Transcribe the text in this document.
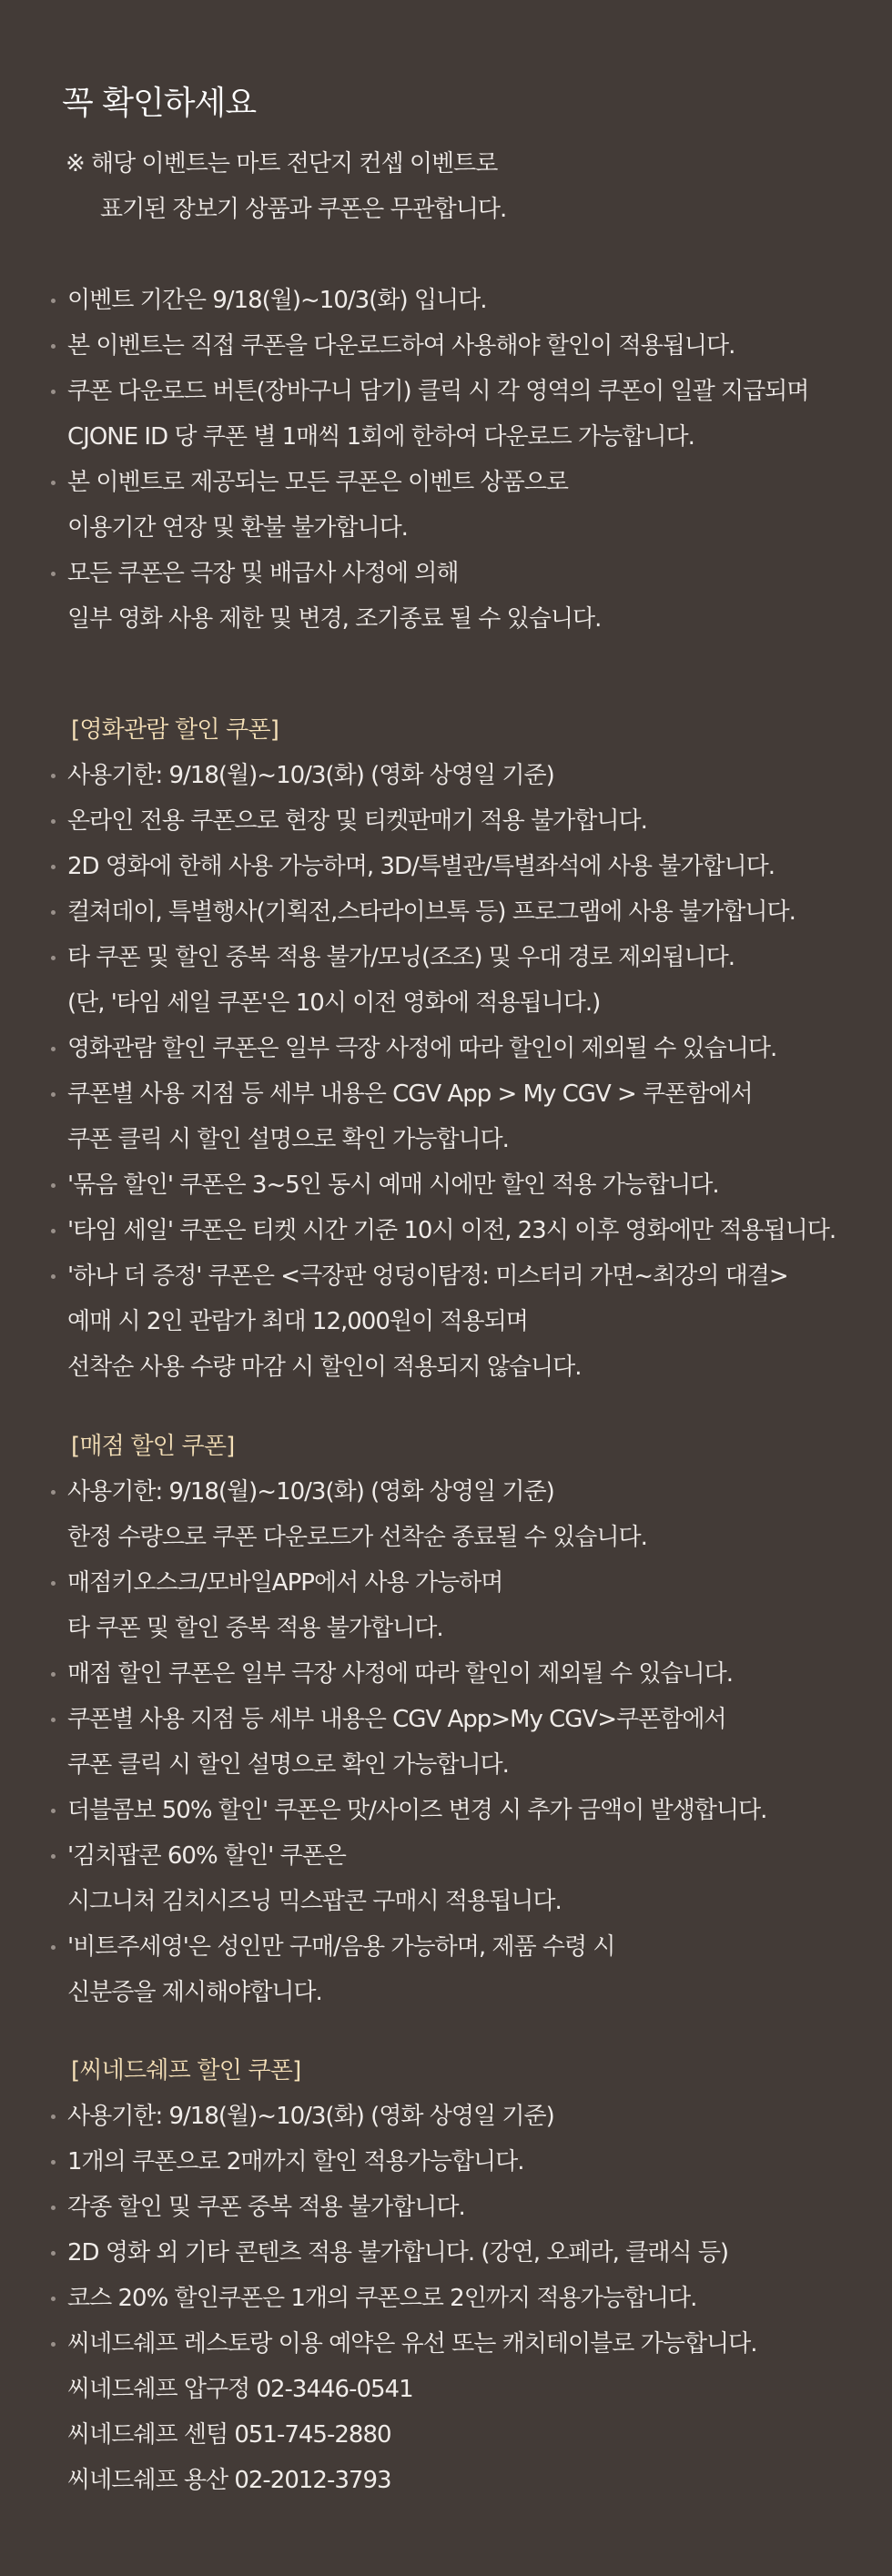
꼭 확인하세요
※ 해당 이벤트는 마트 전단지 컨셉 이벤트로
표기된 장보기 상품과 쿠폰은 무관합니다.
이벤트 기간은 9/18(월)~10/3(화) 입니다.
본 이벤트는 직접 쿠폰을 다운로드하여 사용해야 할인이 적용됩니다.
쿠폰 다운로드 버튼(장바구니 담기) 클릭 시 각 영역의 쿠폰이 일괄 지급되며
CJONE ID 당 쿠폰 별 1매씩 1회에 한하여 다운로드 가능합니다.
본 이벤트로 제공되는 모든 쿠폰은 이벤트 상품으로
이용기간 연장 및 환불 불가합니다.
모든 쿠폰은 극장 및 배급사 사정에 의해
일부 영화 사용 제한 및 변경, 조기종료 될 수 있습니다.
[영화관람 할인 쿠폰]
사용기한: 9/18(월)~10/3(화) (영화 상영일 기준)
온라인 전용 쿠폰으로 현장 및 티켓판매기 적용 불가합니다.
2D 영화에 한해 사용 가능하며, 3D/특별관/특별좌석에 사용 불가합니다.
컬쳐데이, 특별행사(기획전,스타라이브톡 등) 프로그램에 사용 불가합니다.
타 쿠폰 및 할인 중복 적용 불가/모닝(조조) 및 우대 경로 제외됩니다.
(단, '타임 세일 쿠폰'은 10시 이전 영화에 적용됩니다.)
영화관람 할인 쿠폰은 일부 극장 사정에 따라 할인이 제외될 수 있습니다.
쿠폰별 사용 지점 등 세부 내용은 CGV App > My CGV > 쿠폰함에서
쿠폰 클릭 시 할인 설명으로 확인 가능합니다.
'묶음 할인' 쿠폰은 3~5인 동시 예매 시에만 할인 적용 가능합니다.
'타임 세일' 쿠폰은 티켓 시간 기준 10시 이전, 23시 이후 영화에만 적용됩니다.
'하나 더 증정' 쿠폰은 <극장판 엉덩이탐정: 미스터리 가면~최강의 대결>
예매 시 2인 관람가 최대 12,000원이 적용되며
선착순 사용 수량 마감 시 할인이 적용되지 않습니다.
[매점 할인 쿠폰]
사용기한: 9/18(월)~10/3(화) (영화 상영일 기준)
한정 수량으로 쿠폰 다운로드가 선착순 종료될 수 있습니다.
매점키오스크/모바일APP에서 사용 가능하며
타 쿠폰 및 할인 중복 적용 불가합니다.
매점 할인 쿠폰은 일부 극장 사정에 따라 할인이 제외될 수 있습니다.
쿠폰별 사용 지점 등 세부 내용은 CGV App>My CGV>쿠폰함에서
쿠폰 클릭 시 할인 설명으로 확인 가능합니다.
더블콤보 50% 할인' 쿠폰은 맛/사이즈 변경 시 추가 금액이 발생합니다.
'김치팝콘 60% 할인' 쿠폰은
시그니처 김치시즈닝 믹스팝콘 구매시 적용됩니다.
'비트주세영'은 성인만 구매/음용 가능하며, 제품 수령 시
신분증을 제시해야합니다.
[씨네드쉐프 할인 쿠폰]
사용기한: 9/18(월)~10/3(화) (영화 상영일 기준)
1개의 쿠폰으로 2매까지 할인 적용가능합니다.
각종 할인 및 쿠폰 중복 적용 불가합니다.
2D 영화 외 기타 콘텐츠 적용 불가합니다. (강연, 오페라, 클래식 등)
코스 20% 할인쿠폰은 1개의 쿠폰으로 2인까지 적용가능합니다.
씨네드쉐프 레스토랑 이용 예약은 유선 또는 캐치테이블로 가능합니다.
씨네드쉐프 압구정 02-3446-0541
씨네드쉐프 센텀 051-745-2880
씨네드쉐프 용산 02-2012-3793
